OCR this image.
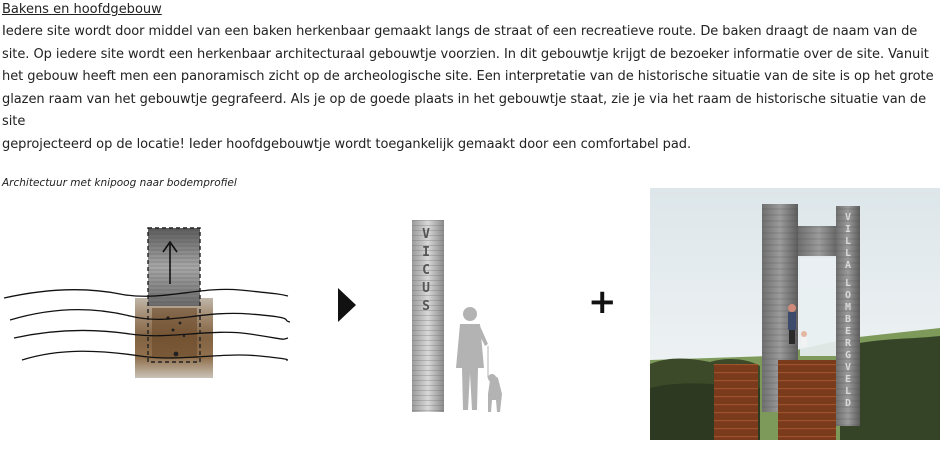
Bakens en hoofdgebouw
Iedere site wordt door middel van een baken herkenbaar gemaakt langs de straat of een recreatieve route. De baken draagt de naam van de
site. Op iedere site wordt een herkenbaar architecturaal gebouwtje voorzien. In dit gebouwtje krijgt de bezoeker informatie over de site. Vanuit
het gebouw heeft men een panoramisch zicht op de archeologische site. Een interpretatie van de historische situatie van de site is op het grote
glazen raam van het gebouwtje gegrafeerd. Als je op de goede plaats in het gebouwtje staat, zie je via het raam de historische situatie van de site
geprojecteerd op de locatie! Ieder hoofdgebouwtje wordt toegankelijk gemaakt door een comfortabel pad.
Architectuur met knipoog naar bodemprofiel
V
I
C
U
S	+
V
I
L
L
A
L
O
M
B
E
R
G
V
E
L
D
